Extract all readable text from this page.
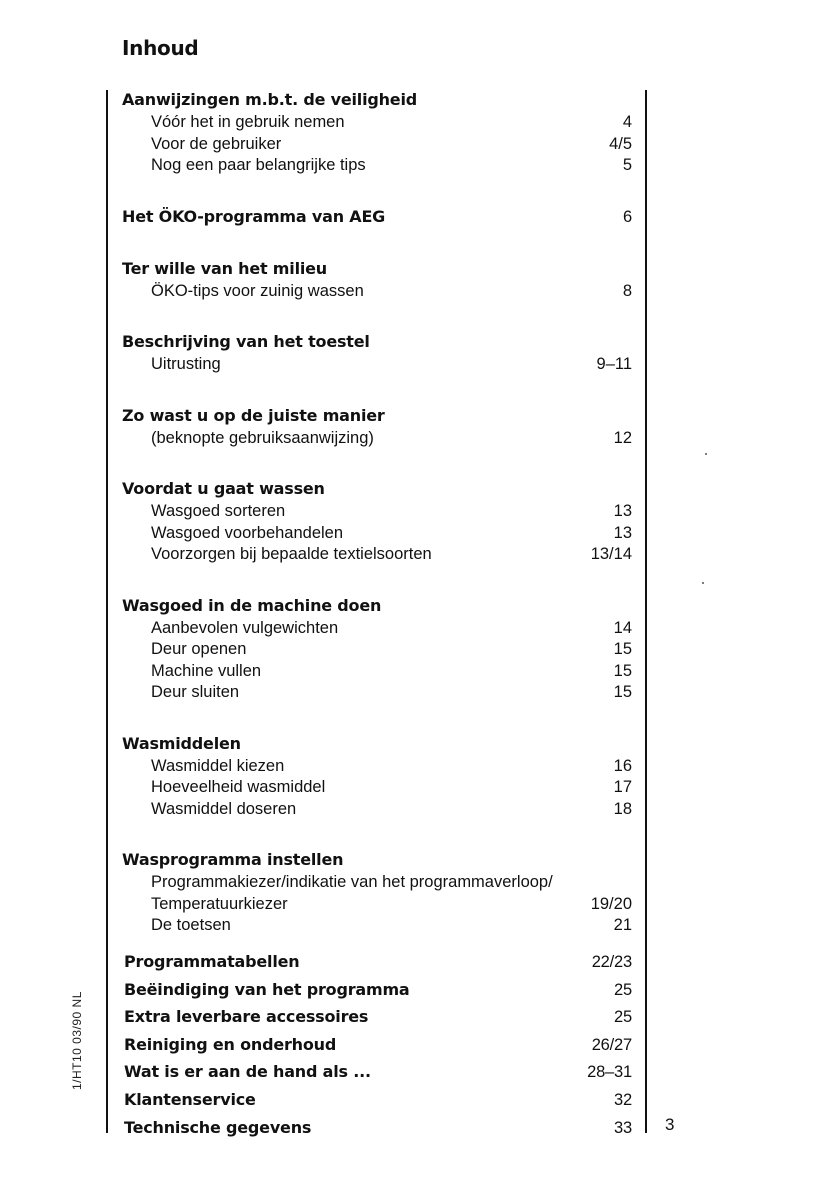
Inhoud
Aanwijzingen m.b.t. de veiligheid
Vóór het in gebruik nemen	4
Voor de gebruiker	4/5
Nog een paar belangrijke tips	5
Het ÖKO-programma van AEG	6
Ter wille van het milieu
ÖKO-tips voor zuinig wassen	8
Beschrijving van het toestel
Uitrusting	9–11
Zo wast u op de juiste manier
(beknopte gebruiksaanwijzing)	12
Voordat u gaat wassen
Wasgoed sorteren	13
Wasgoed voorbehandelen	13
Voorzorgen bij bepaalde textielsoorten	13/14
Wasgoed in de machine doen
Aanbevolen vulgewichten	14
Deur openen	15
Machine vullen	15
Deur sluiten	15
Wasmiddelen
Wasmiddel kiezen	16
Hoeveelheid wasmiddel	17
Wasmiddel doseren	18
Wasprogramma instellen
Programmakiezer/indikatie van het programmaverloop/
Temperatuurkiezer	19/20
De toetsen	21
Programmatabellen	22/23
Beëindiging van het programma	25
Extra leverbare accessoires	25
Reiniging en onderhoud	26/27
Wat is er aan de hand als ...	28–31
Klantenservice	32
Technische gegevens	33 3
1/HT10 03/90 NL
